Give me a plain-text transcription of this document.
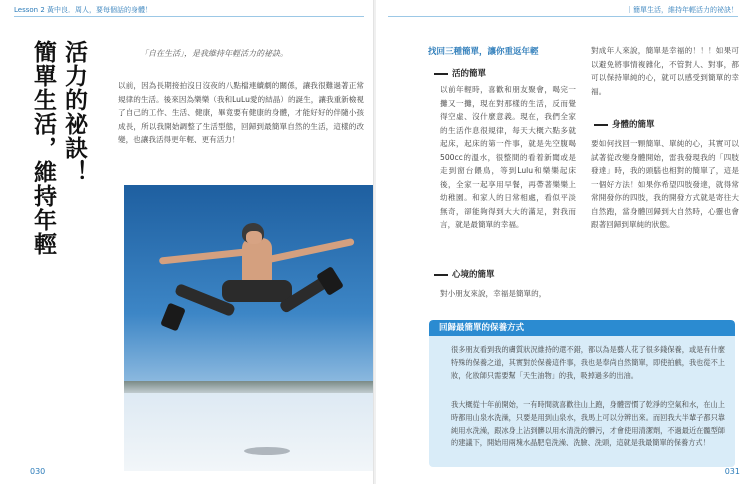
Lesson 2 黃中良．周人，要每個話的身體！
活力的祕訣！
簡單生活，維持年輕	「自在生活」，是我維持年輕活力的祕訣。
以前，因為長期接拍沒日沒夜的八點檔連續劇的關係，讓我很難過著正常規律的生活。後來因為樂樂（我和LuLu愛的結晶）的誕生，讓我重新檢視了自己的工作、生活、健康，畢竟要有健康的身體，才能好好的伴隨小孩成長，所以我開始調整了生活型態，回歸到最簡單自然的生活，這樣的改變，也讓我活得更年輕、更有活力！
030
｜簡單生活，維持年輕活力的祕訣！
找回三種簡單，讓你重返年輕
活的簡單
以前年輕時，喜歡和朋友聚會，喝完一攤又一攤，現在對那樣的生活，反而覺得空虛、沒什麼意義。現在，我們全家的生活作息很規律，每天大概六點多就起床，起床的第一件事，就是先空腹喝500cc的溫水，很整間的看着新聞或是走到窗台餵鳥，等到Lulu和樂樂起床後，全家一起享用早餐，再帶著樂樂上幼稚園。和家人的日常相處，看似平淡無奇，卻能夠得到大大的滿足，對我而言，就是最簡單的幸福。
心境的簡單
對小朋友來說，幸福是簡單的，
對成年人來說，簡單是幸福的！！！如果可以避免將事情複雜化，不管對人、對事，都可以保持單純的心，就可以感受到簡單的幸福。
身體的簡單
要如何找回一顆簡單、單純的心，其實可以試著從改變身體開始，雷我發現我的「四肢發達」時，我的頭腦也相對的簡單了，這是一個好方法！如果你希望四肢發達，就得常常開發你的四肢，我的開發方式就是寄往大自然跑，當身體回歸到大自然時，心靈也會跟著回歸到單純的狀態。
回歸最簡單的保養方式
很多朋友看到我的膚質狀況維持的還不錯，都以為是藝人花了很多錢保養，或是有什麼特殊的保養之道，其實對於保養這件事，我也是奉尚自然簡單，即使拍戲，我也從不上妝，化妝師只需要幫「天生油物」的我，吸掉過多的出油。
我大概從十年前開始，一有時間就喜歡往山上跑，身體習慣了乾淨的空氣和水，在山上時都用山泉水洗澡，只要是用到山泉水，我馬上可以分辨出來。而回我大半輩子都只靠純用水洗澡，跟冰身上沾到髒以用水清洗的髒污，才會使用清潔劑，不過最近在髖型師的建議下，開始用兩塊水晶肥皂洗澡、洗臉、洗頭，這就是我最簡單的保養方式！
031
